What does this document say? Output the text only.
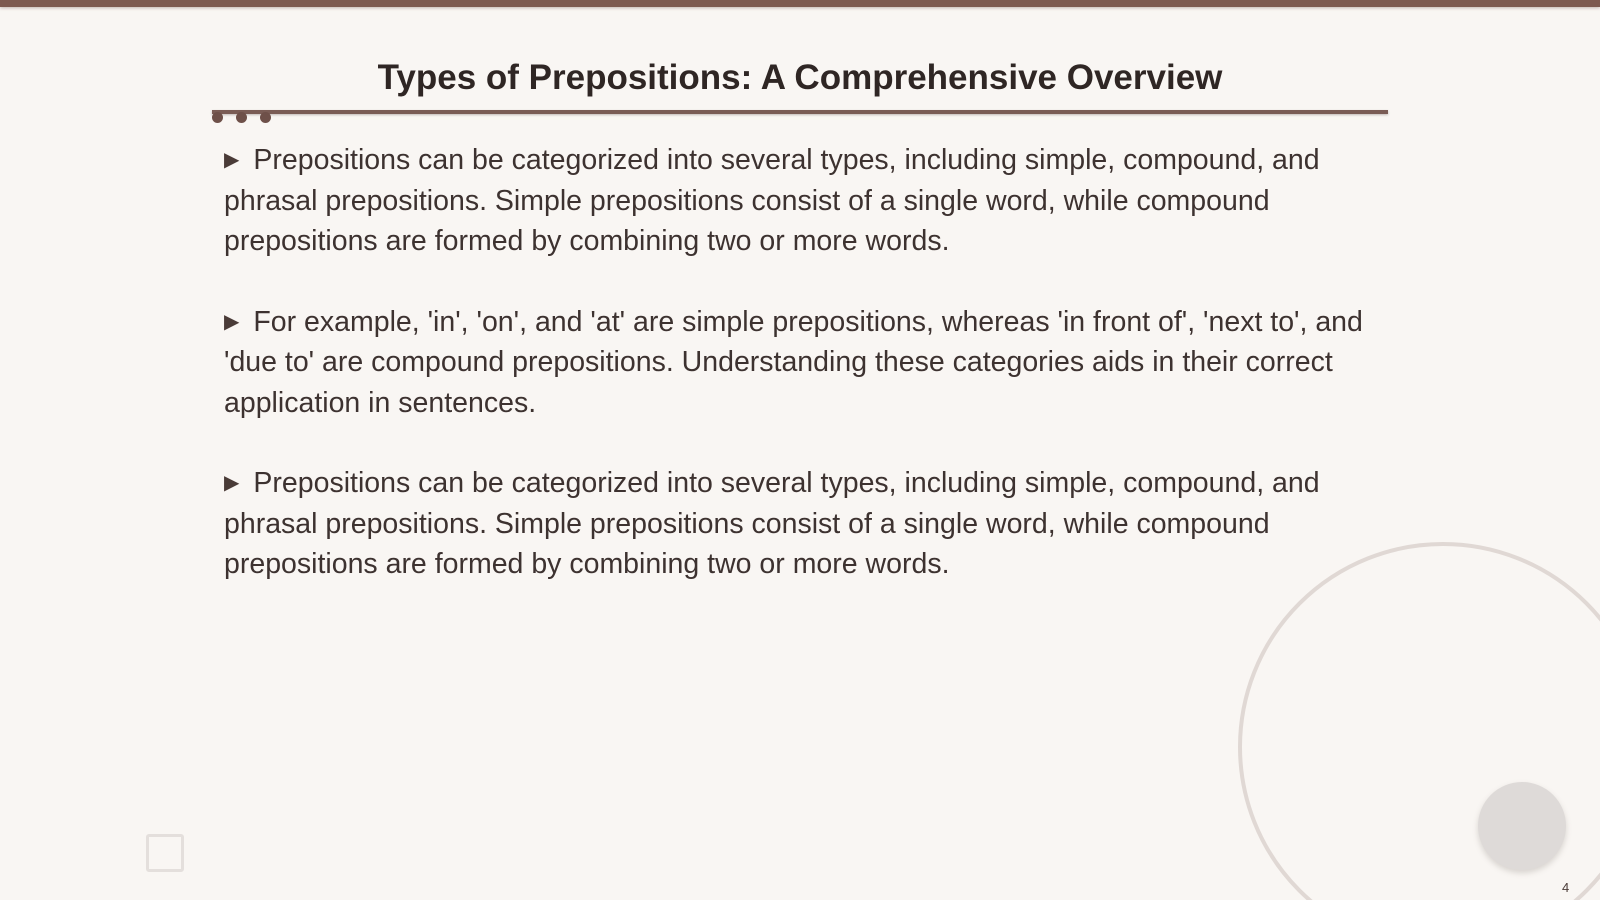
Types of Prepositions: A Comprehensive Overview

▶ Prepositions can be categorized into several types, including simple, compound, and phrasal prepositions. Simple prepositions consist of a single word, while compound prepositions are formed by combining two or more words.

▶ For example, 'in', 'on', and 'at' are simple prepositions, whereas 'in front of', 'next to', and 'due to' are compound prepositions. Understanding these categories aids in their correct application in sentences.

▶ Prepositions can be categorized into several types, including simple, compound, and phrasal prepositions. Simple prepositions consist of a single word, while compound prepositions are formed by combining two or more words.

4
